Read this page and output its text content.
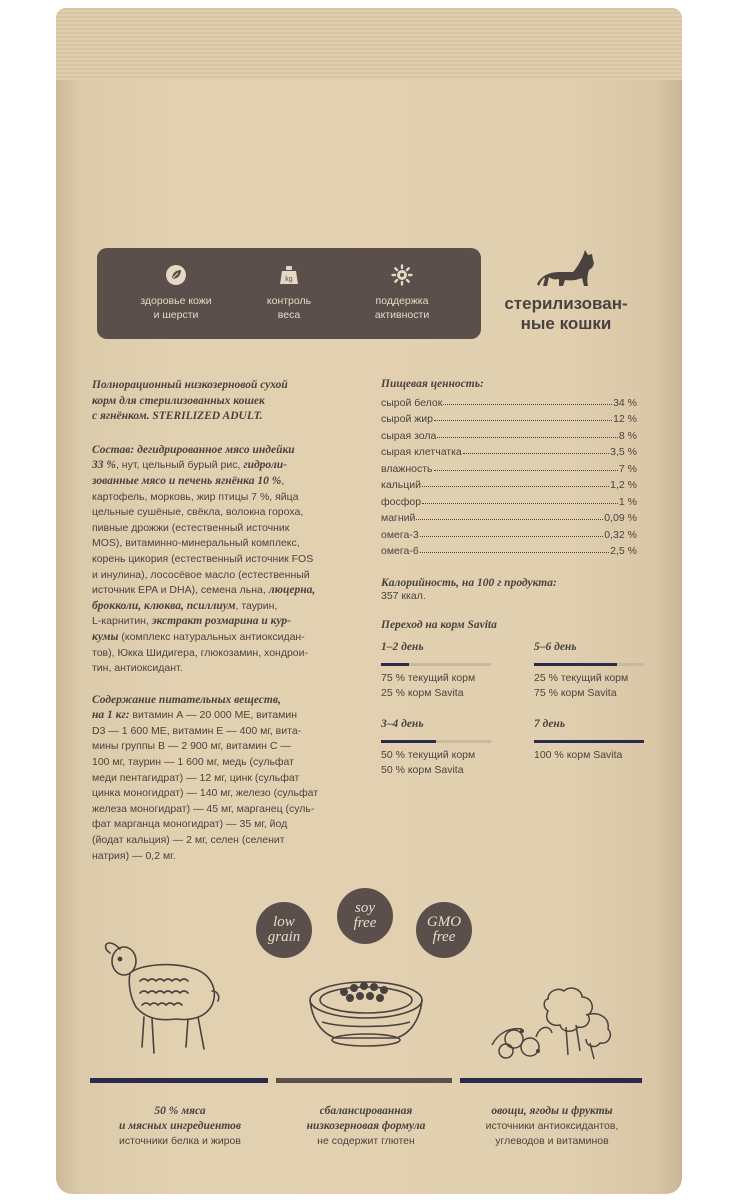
здоровье кожи
и шерсти
kg
контроль
веса
поддержка
активности
стерилизован-
ные кошки
Полнорационный низкозерновой сухой
корм для стерилизованных кошек
с ягнёнком. STERILIZED ADULT.
Состав: дегидрированное мясо индейки
33 %, нут, цельный бурый рис, гидроли-
зованные мясо и печень ягнёнка 10 %,
картофель, морковь, жир птицы 7 %, яйца
цельные сушёные, свёкла, волокна гороха,
пивные дрожжи (естественный источник
MOS), витаминно-минеральный комплекс,
корень цикория (естественный источник FOS
и инулина), лососёвое масло (естественный
источник EPA и DHA), семена льна, люцерна,
брокколи, клюква, псиллиум, таурин,
L-карнитин, экстракт розмарина и кур-
кумы (комплекс натуральных антиоксидан-
тов), Юкка Шидигера, глюкозамин, хондрои-
тин, антиоксидант.
Содержание питательных веществ,
на 1 кг: витамин А — 20 000 МЕ, витамин
D3 — 1 600 МЕ, витамин Е — 400 мг, вита-
мины группы В — 2 900 мг, витамин С —
100 мг, таурин — 1 600 мг, медь (сульфат
меди пентагидрат) — 12 мг, цинк (сульфат
цинка моногидрат) — 140 мг, железо (сульфат
железа моногидрат) — 45 мг, марганец (суль-
фат марганца моногидрат) — 35 мг, йод
(йодат кальция) — 2 мг, селен (селенит
натрия) — 0,2 мг.
Пищевая ценность:
сырой белок	34 %
сырой жир	12 %
сырая зола	8 %
сырая клетчатка	3,5 %
влажность	7 %
кальций	1,2 %
фосфор	1 %
магний	0,09 %
омега-3	0,32 %
омега-6	2,5 %
Калорийность, на 100 г продукта:
357 ккал.
Переход на корм Savita
1–2 день
75 % текущий корм
25 % корм Savita
5–6 день
25 % текущий корм
75 % корм Savita
3–4 день
50 % текущий корм
50 % корм Savita
7 день
100 % корм Savita
low
grain
soy
free	GMO
free
50 % мяса
и мясных ингредиентов
источники белка и жиров
сбалансированная
низкозерновая формула
не содержит глютен
овощи, ягоды и фрукты
источники антиоксидантов,
углеводов и витаминов
